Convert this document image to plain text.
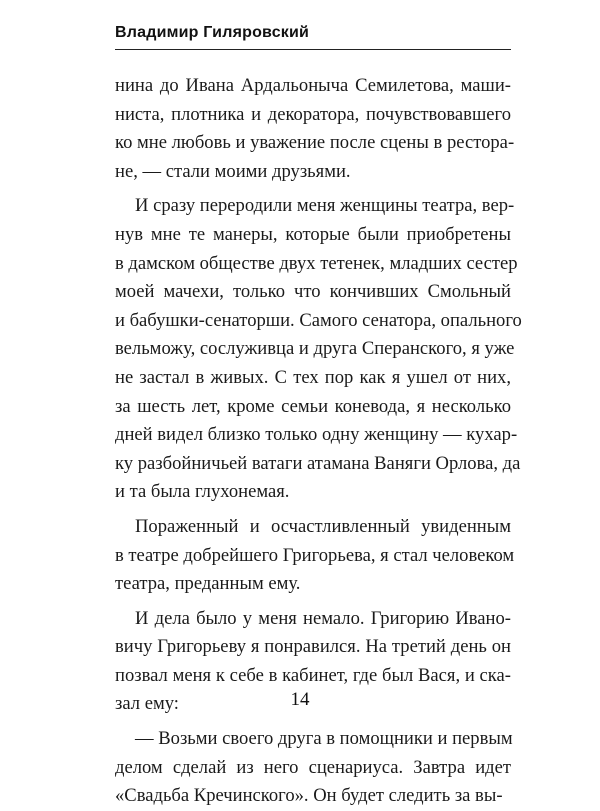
Владимир Гиляровский
нина до Ивана Ардальоныча Семилетова, маши-
ниста, плотника и декоратора, почувствовавшего
ко мне любовь и уважение после сцены в рестора-
не, — стали моими друзьями.
И сразу переродили меня женщины театра, вер-
нув мне те манеры, которые были приобретены
в дамском обществе двух тетенек, младших сестер
моей мачехи, только что кончивших Смольный
и бабушки-сенаторши. Самого сенатора, опального
вельможу, сослуживца и друга Сперанского, я уже
не застал в живых. С тех пор как я ушел от них,
за шесть лет, кроме семьи коневода, я несколько
дней видел близко только одну женщину — кухар-
ку разбойничьей ватаги атамана Ваняги Орлова, да
и та была глухонемая.
Пораженный и осчастливленный увиденным
в театре добрейшего Григорьева, я стал человеком
театра, преданным ему.
И дела было у меня немало. Григорию Ивано-
вичу Григорьеву я понравился. На третий день он
позвал меня к себе в кабинет, где был Вася, и ска-
зал ему:
— Возьми своего друга в помощники и первым
делом сделай из него сценариуса. Завтра идет
«Свадьба Кречинского». Он будет следить за вы-
14
